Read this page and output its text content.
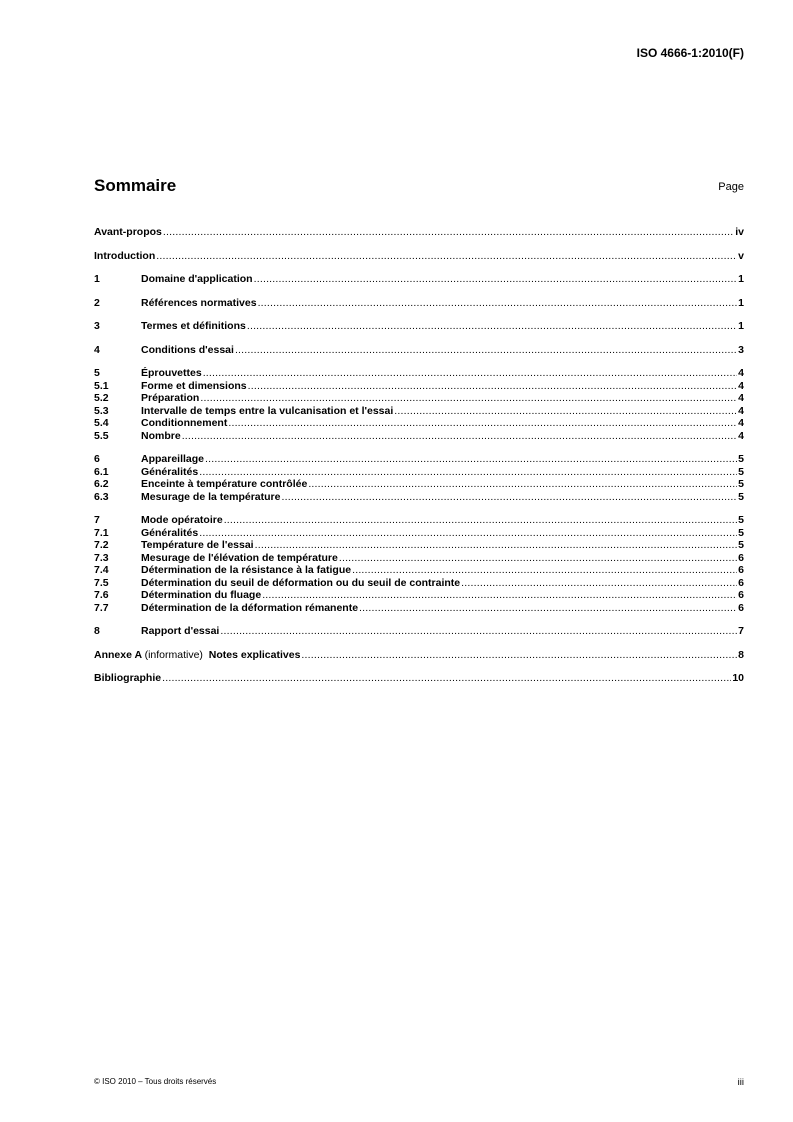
ISO 4666-1:2010(F)
Sommaire	Page
Avant-propos .....	iv
Introduction .....	v
1	Domaine d'application .....	1
2	Références normatives .....	1
3	Termes et définitions .....	1
4	Conditions d'essai .....	3
5	Éprouvettes .....	4
5.1	Forme et dimensions .....	4
5.2	Préparation .....	4
5.3	Intervalle de temps entre la vulcanisation et l'essai .....	4
5.4	Conditionnement .....	4
5.5	Nombre .....	4
6	Appareillage .....	5
6.1	Généralités .....	5
6.2	Enceinte à température contrôlée .....	5
6.3	Mesurage de la température .....	5
7	Mode opératoire .....	5
7.1	Généralités .....	5
7.2	Température de l'essai .....	5
7.3	Mesurage de l'élévation de température .....	6
7.4	Détermination de la résistance à la fatigue .....	6
7.5	Détermination du seuil de déformation ou du seuil de contrainte .....	6
7.6	Détermination du fluage .....	6
7.7	Détermination de la déformation rémanente .....	6
8	Rapport d'essai .....	7
Annexe A (informative) Notes explicatives .....	8
Bibliographie .....	10
© ISO 2010 – Tous droits réservés	iii
